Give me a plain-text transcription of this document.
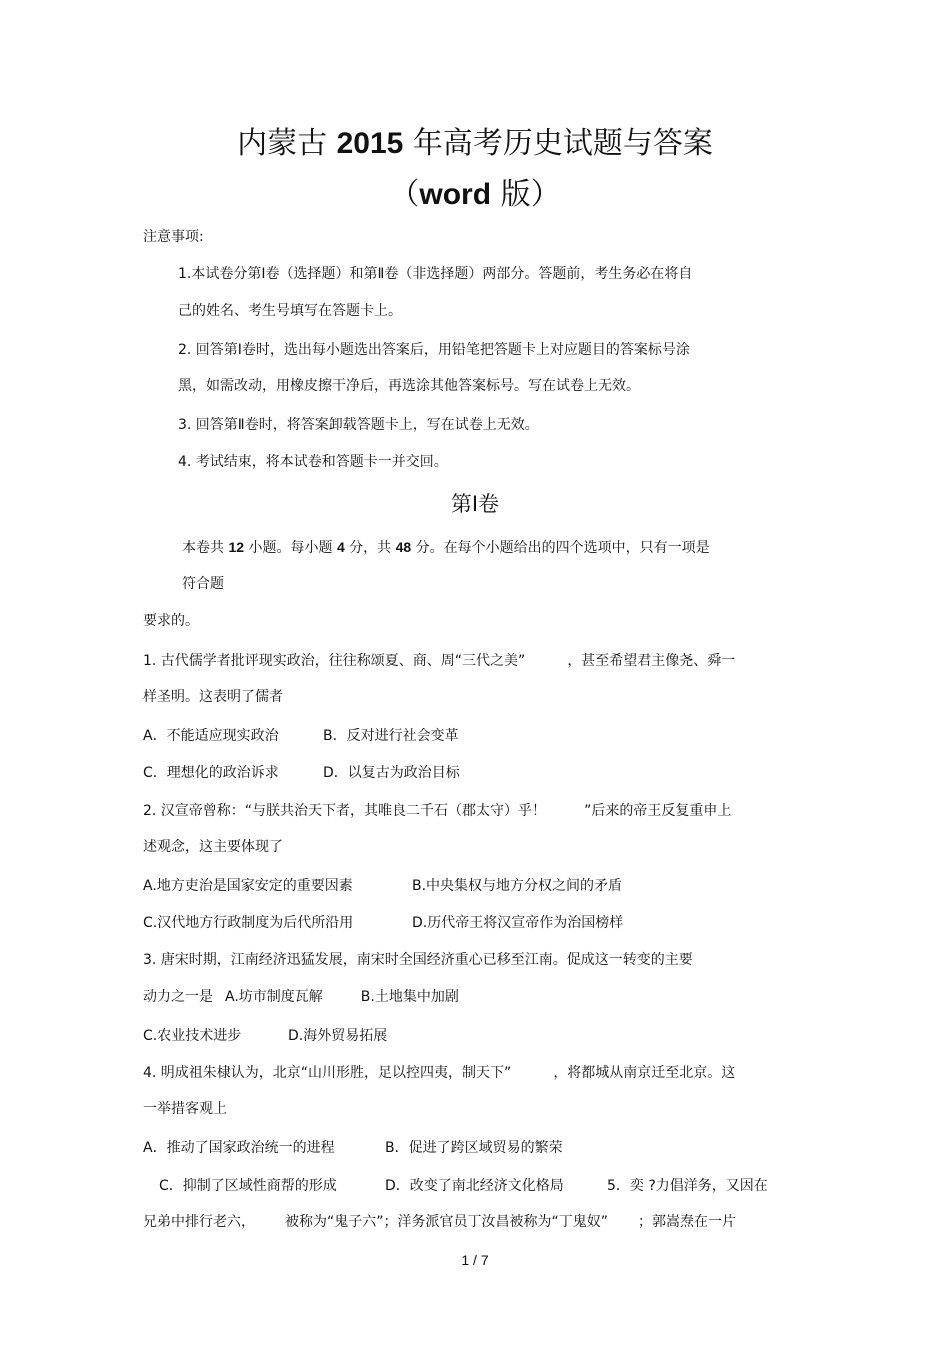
内蒙古 2015 年高考历史试题与答案
（word 版）
注意事项:
1.本试卷分第Ⅰ卷（选择题）和第Ⅱ卷（非选择题）两部分。答题前，考生务必在将自
己的姓名、考生号填写在答题卡上。
2. 回答第Ⅰ卷时，选出每小题选出答案后，用铅笔把答题卡上对应题目的答案标号涂
黑，如需改动，用橡皮擦干净后，再选涂其他答案标号。写在试卷上无效。
3. 回答第Ⅱ卷时，将答案卸载答题卡上，写在试卷上无效。
4. 考试结束，将本试卷和答题卡一并交回。
第Ⅰ卷
本卷共 12 小题。每小题 4 分，共 48 分。在每个小题给出的四个选项中，只有一项是
符合题
要求的。
1. 古代儒学者批评现实政治，往往称颂夏、商、周“三代之美”	，甚至希望君主像尧、舜一
样圣明。这表明了儒者
A．不能适应现实政治	B．反对进行社会变革
C．理想化的政治诉求	D．以复古为政治目标
2. 汉宣帝曾称：“与朕共治天下者，其唯良二千石（郡太守）乎！	”后来的帝王反复重申上
述观念，这主要体现了
A.地方吏治是国家安定的重要因素	B.中央集权与地方分权之间的矛盾
C.汉代地方行政制度为后代所沿用	D.历代帝王将汉宣帝作为治国榜样
3. 唐宋时期，江南经济迅猛发展，南宋时全国经济重心已移至江南。促成这一转变的主要
动力之一是 A.坊市制度瓦解	B.土地集中加剧
C.农业技术进步	D.海外贸易拓展
4. 明成祖朱棣认为，北京“山川形胜，足以控四夷，制天下”	，将都城从南京迁至北京。这
一举措客观上
A．推动了国家政治统一的进程	B．促进了跨区域贸易的繁荣
C．抑制了区域性商帮的形成	D．改变了南北经济文化格局	5．奕 ?力倡洋务，又因在
兄弟中排行老六， 被称为“鬼子六”；洋务派官员丁汝昌被称为“丁鬼奴” ；郭嵩焘在一片
1 / 7
